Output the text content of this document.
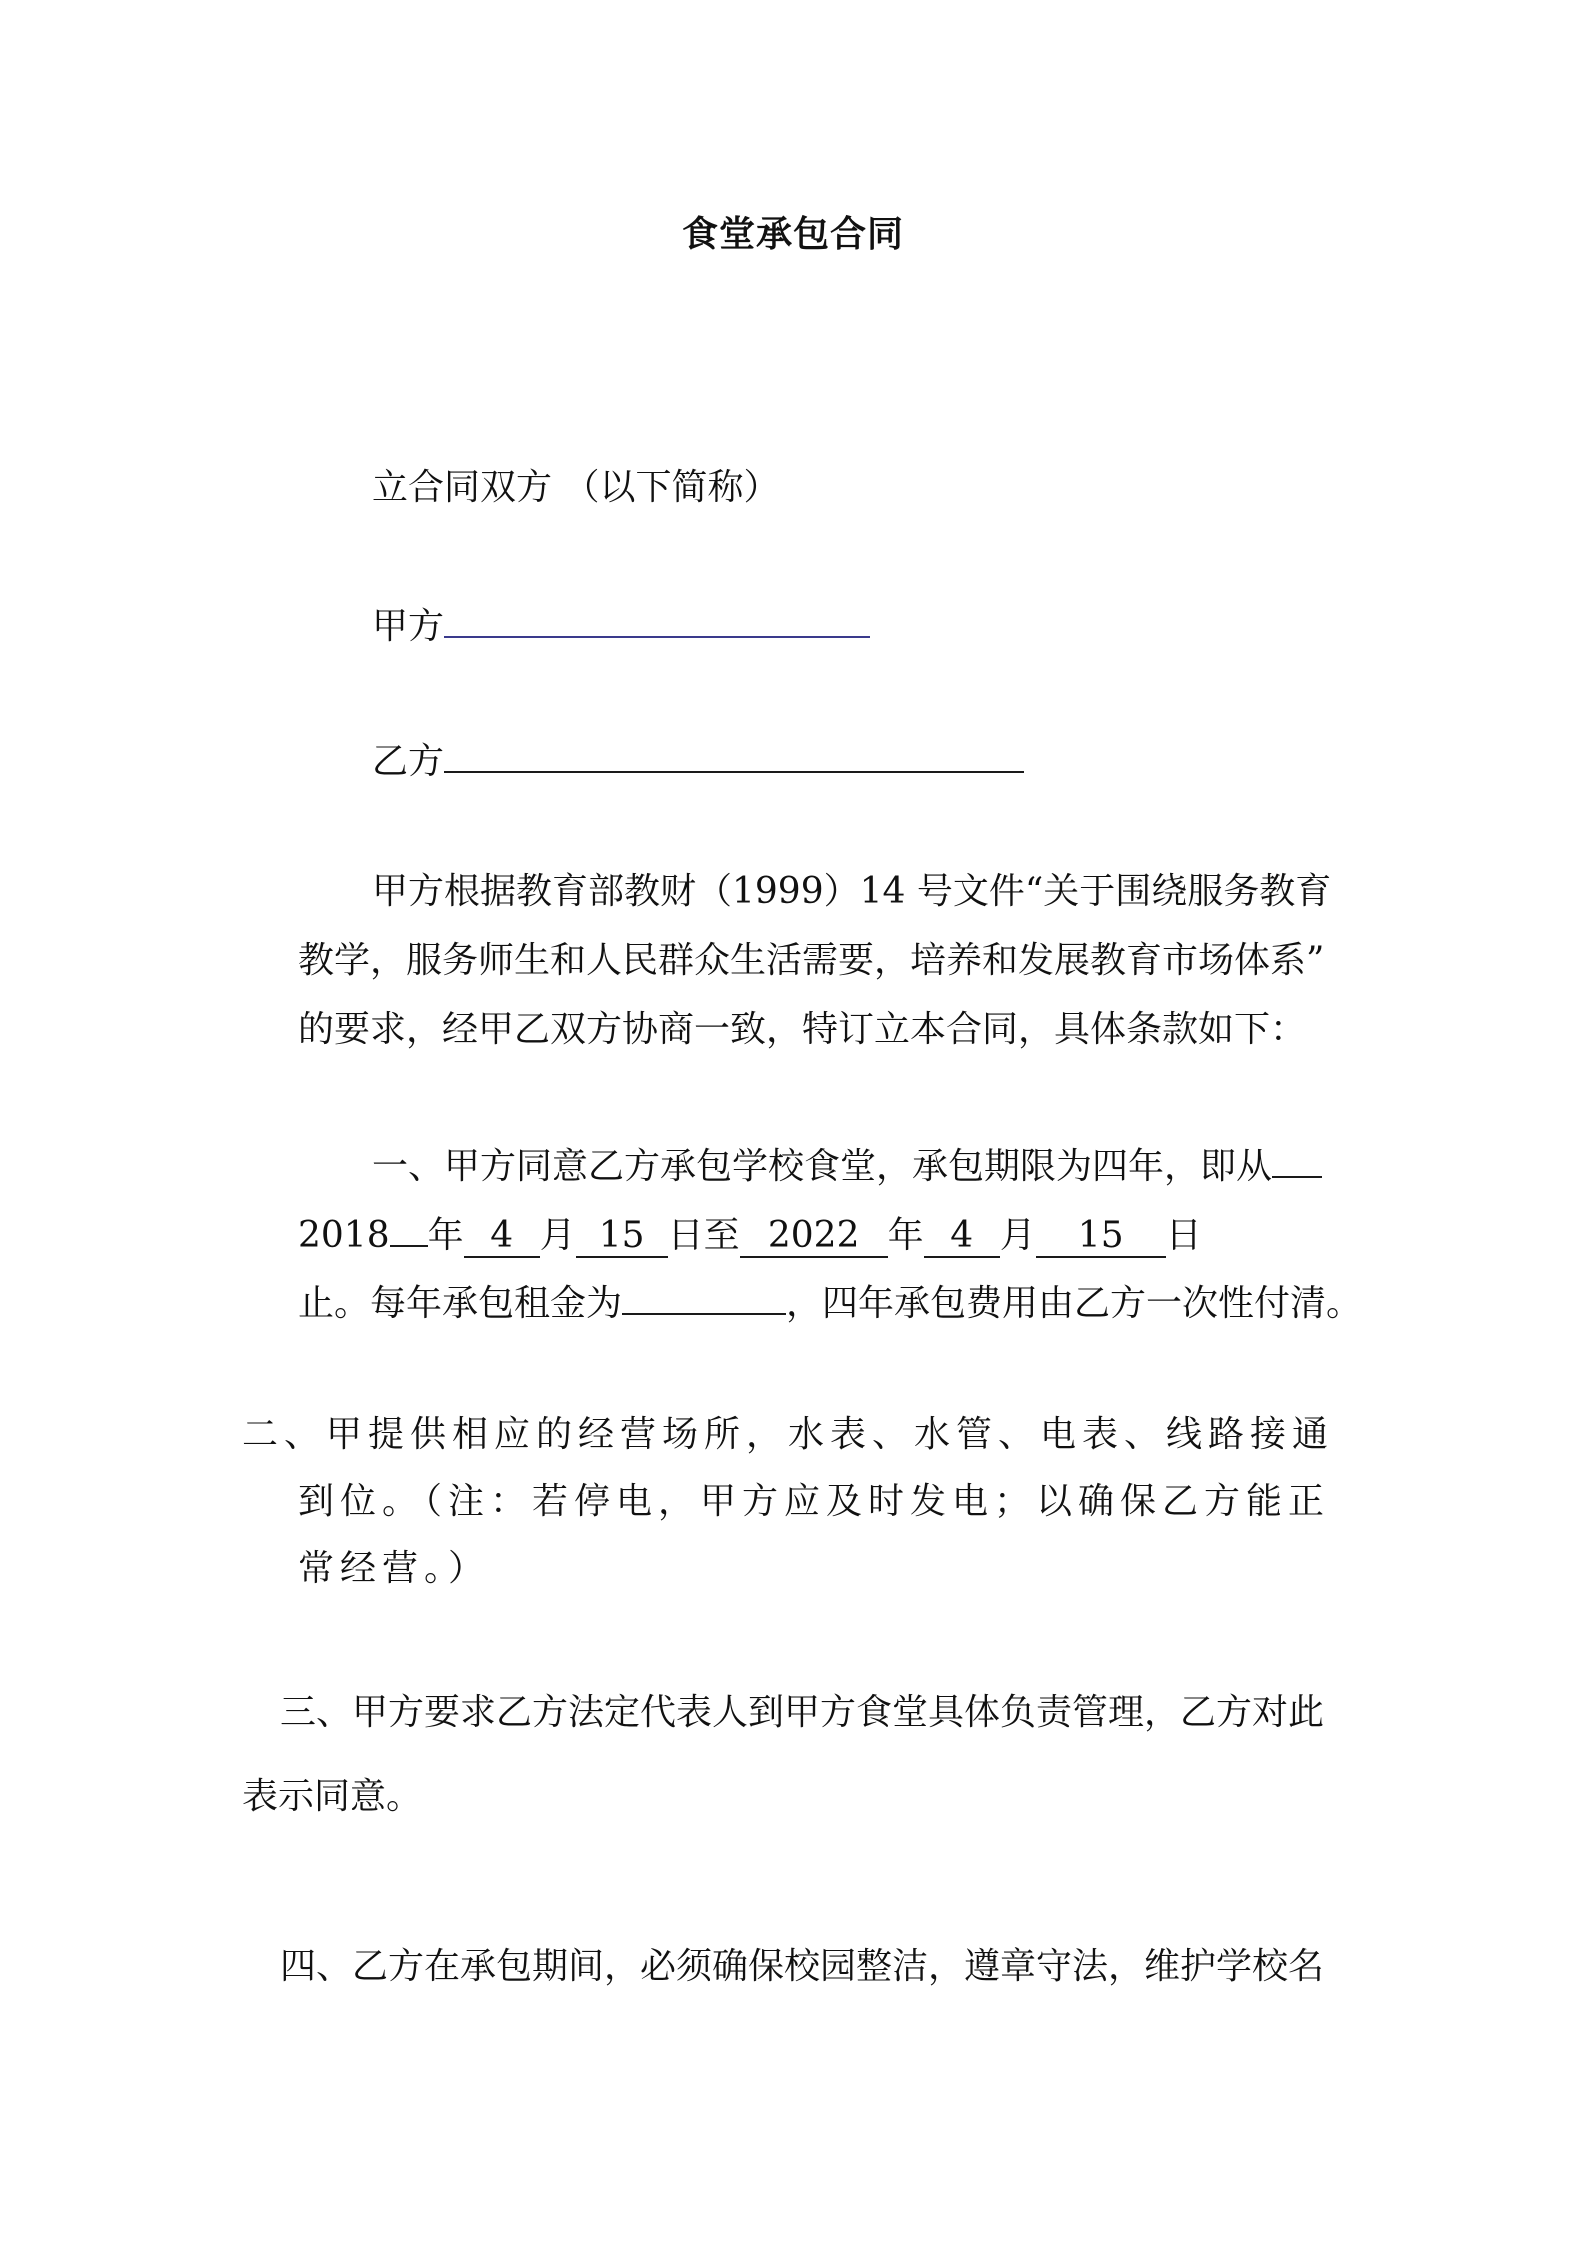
食堂承包合同
立合同双方 （以下简称）
甲方
乙方
甲方根据教育部教财（1999）14 号文件“关于围绕服务教育
教学，服务师生和人民群众生活需要，培养和发展教育市场体系”
的要求，经甲乙双方协商一致，特订立本合同，具体条款如下：
一、甲方同意乙方承包学校食堂，承包期限为四年，即从
2018 年 4 月 15 日至 2022 年 4 月 15 日
止。每年承包租金为	，四年承包费用由乙方一次性付清。
二、甲提供相应的经营场所，水表、水管、电表、线路接通
到位。（注：若停电，甲方应及时发电；以确保乙方能正
常经营。）
三、甲方要求乙方法定代表人到甲方食堂具体负责管理，乙方对此
表示同意。
四、乙方在承包期间，必须确保校园整洁，遵章守法，维护学校名
